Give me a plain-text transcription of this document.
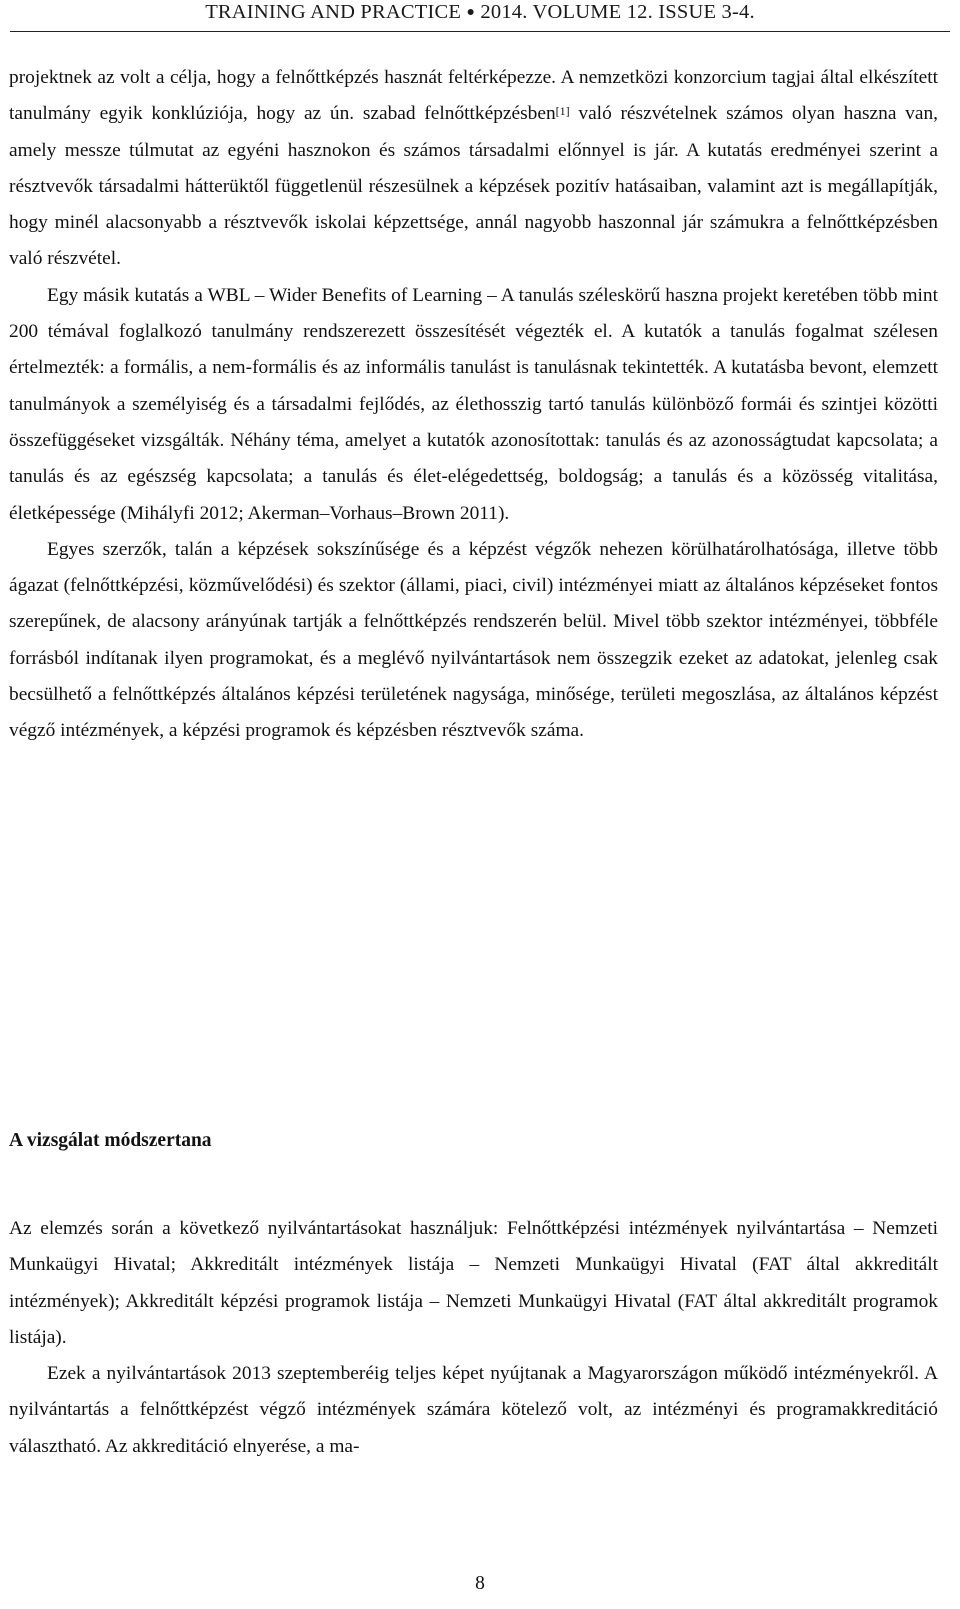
TRAINING AND PRACTICE ● 2014. VOLUME 12. ISSUE 3-4.

projektnek az volt a célja, hogy a felnőttképzés hasznát feltérképezze. A nemzetközi konzorcium tagjai által elkészített tanulmány egyik konklúziója, hogy az ún. szabad felnőttképzésben[1] való részvételnek számos olyan haszna van, amely messze túlmutat az egyéni hasznokon és számos társadalmi előnnyel is jár. A kutatás eredményei szerint a résztvevők társadalmi hátterüktől függetlenül részesülnek a képzések pozitív hatásaiban, valamint azt is megállapítják, hogy minél alacsonyabb a résztvevők iskolai képzettsége, annál nagyobb haszonnal jár számukra a felnőttképzésben való részvétel.

Egy másik kutatás a WBL – Wider Benefits of Learning – A tanulás széleskörű haszna projekt keretében több mint 200 témával foglalkozó tanulmány rendszerezett összesítését végezték el. A kutatók a tanulás fogalmat szélesen értelmezték: a formális, a nem-formális és az informális tanulást is tanulásnak tekintették. A kutatásba bevont, elemzett tanulmányok a személyiség és a társadalmi fejlődés, az élethosszig tartó tanulás különböző formái és szintjei közötti összefüggéseket vizsgálták. Néhány téma, amelyet a kutatók azonosítottak: tanulás és az azonosságtudat kapcsolata; a tanulás és az egészség kapcsolata; a tanulás és élet-elégedettség, boldogság; a tanulás és a közösség vitalitása, életképessége (Mihályfi 2012; Akerman–Vorhaus–Brown 2011).

Egyes szerzők, talán a képzések sokszínűsége és a képzést végzők nehezen körülhatárolhatósága, illetve több ágazat (felnőttképzési, közművelődési) és szektor (állami, piaci, civil) intézményei miatt az általános képzéseket fontos szerepűnek, de alacsony arányúnak tartják a felnőttképzés rendszerén belül. Mivel több szektor intézményei, többféle forrásból indítanak ilyen programokat, és a meglévő nyilvántartások nem összegzik ezeket az adatokat, jelenleg csak becsülhető a felnőttképzés általános képzési területének nagysága, minősége, területi megoszlása, az általános képzést végző intézmények, a képzési programok és képzésben résztvevők száma.

A vizsgálat módszertana

Az elemzés során a következő nyilvántartásokat használjuk: Felnőttképzési intézmények nyilvántartása – Nemzeti Munkaügyi Hivatal; Akkreditált intézmények listája – Nemzeti Munkaügyi Hivatal (FAT által akkreditált intézmények); Akkreditált képzési programok listája – Nemzeti Munkaügyi Hivatal (FAT által akkreditált programok listája).

Ezek a nyilvántartások 2013 szeptemberéig teljes képet nyújtanak a Magyarországon működő intézményekről. A nyilvántartás a felnőttképzést végző intézmények számára kötelező volt, az intézményi és programakkreditáció választható. Az akkreditáció elnyerése, a ma-

8
